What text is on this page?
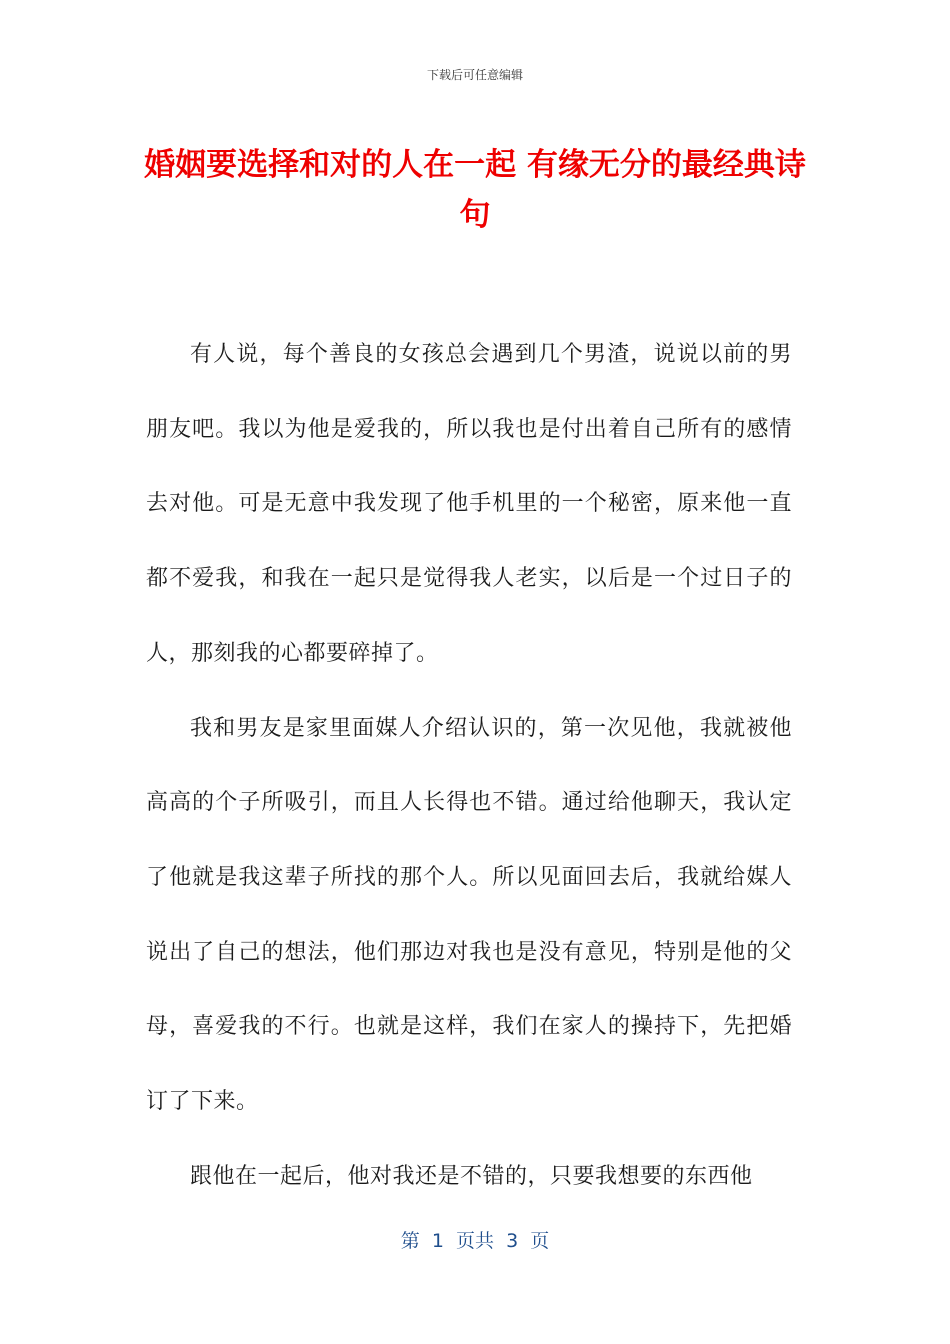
下载后可任意编辑
婚姻要选择和对的人在一起 有缘无分的最经典诗句

有人说，每个善良的女孩总会遇到几个男渣，说说以前的男朋友吧。我以为他是爱我的，所以我也是付出着自己所有的感情去对他。可是无意中我发现了他手机里的一个秘密，原来他一直都不爱我，和我在一起只是觉得我人老实，以后是一个过日子的人，那刻我的心都要碎掉了。

我和男友是家里面媒人介绍认识的，第一次见他，我就被他高高的个子所吸引，而且人长得也不错。通过给他聊天，我认定了他就是我这辈子所找的那个人。所以见面回去后，我就给媒人说出了自己的想法，他们那边对我也是没有意见，特别是他的父母，喜爱我的不行。也就是这样，我们在家人的操持下，先把婚订了下来。

跟他在一起后，他对我还是不错的，只要我想要的东西他

第  1  页共  3  页
